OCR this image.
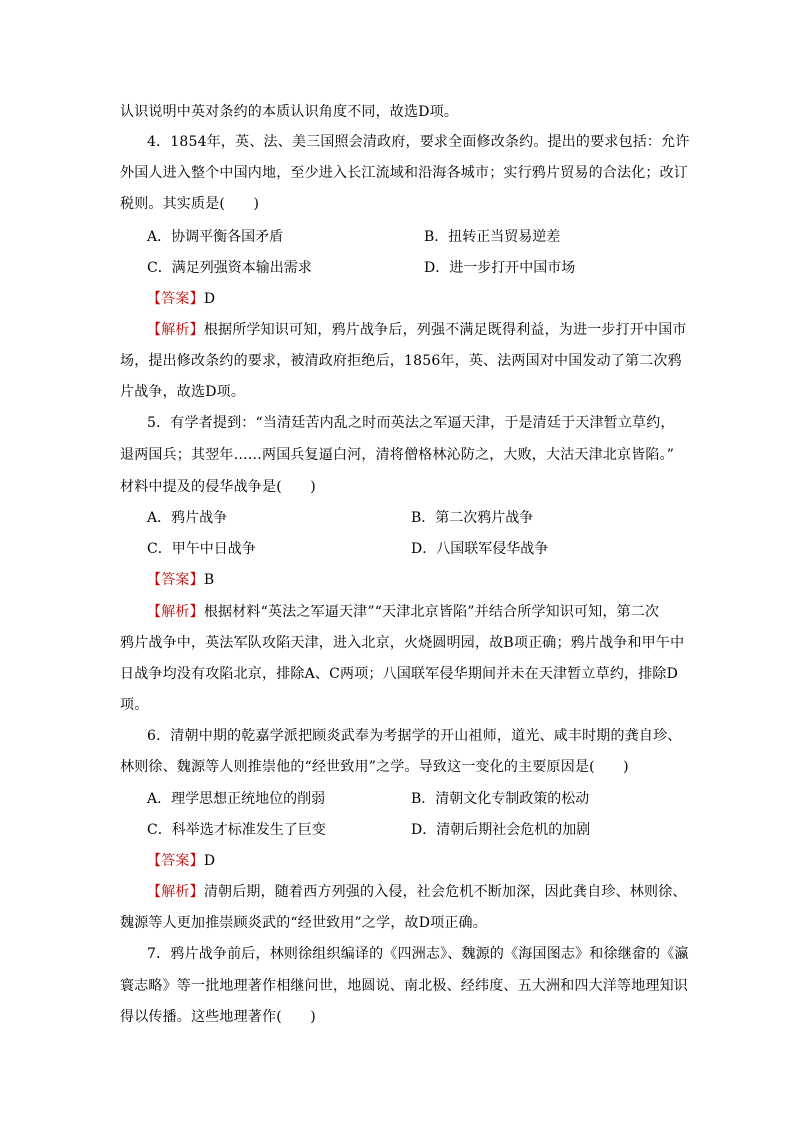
认识说明中英对条约的本质认识角度不同，故选D项。
4．1854年，英、法、美三国照会清政府，要求全面修改条约。提出的要求包括：允许
外国人进入整个中国内地，至少进入长江流域和沿海各城市；实行鸦片贸易的合法化；改订
税则。其实质是(　　)
A．协调平衡各国矛盾	B．扭转正当贸易逆差
C．满足列强资本输出需求	D．进一步打开中国市场
【答案】D
【解析】根据所学知识可知，鸦片战争后，列强不满足既得利益，为进一步打开中国市
场，提出修改条约的要求，被清政府拒绝后，1856年，英、法两国对中国发动了第二次鸦
片战争，故选D项。
5．有学者提到：“当清廷苦内乱之时而英法之军逼天津，于是清廷于天津暂立草约，
退两国兵；其翌年……两国兵复逼白河，清将僧格林沁防之，大败，大沽天津北京皆陷。”
材料中提及的侵华战争是(　　)
A．鸦片战争	B．第二次鸦片战争
C．甲午中日战争	D．八国联军侵华战争
【答案】B
【解析】根据材料“英法之军逼天津”“天津北京皆陷”并结合所学知识可知，第二次
鸦片战争中，英法军队攻陷天津，进入北京，火烧圆明园，故B项正确；鸦片战争和甲午中
日战争均没有攻陷北京，排除A、C两项；八国联军侵华期间并未在天津暂立草约，排除D
项。
6．清朝中期的乾嘉学派把顾炎武奉为考据学的开山祖师，道光、咸丰时期的龚自珍、
林则徐、魏源等人则推崇他的“经世致用”之学。导致这一变化的主要原因是(　　)
A．理学思想正统地位的削弱	B．清朝文化专制政策的松动
C．科举选才标准发生了巨变	D．清朝后期社会危机的加剧
【答案】D
【解析】清朝后期，随着西方列强的入侵，社会危机不断加深，因此龚自珍、林则徐、
魏源等人更加推崇顾炎武的“经世致用”之学，故D项正确。
7．鸦片战争前后，林则徐组织编译的《四洲志》、魏源的《海国图志》和徐继畲的《瀛
寰志略》等一批地理著作相继问世，地圆说、南北极、经纬度、五大洲和四大洋等地理知识
得以传播。这些地理著作(　　)
